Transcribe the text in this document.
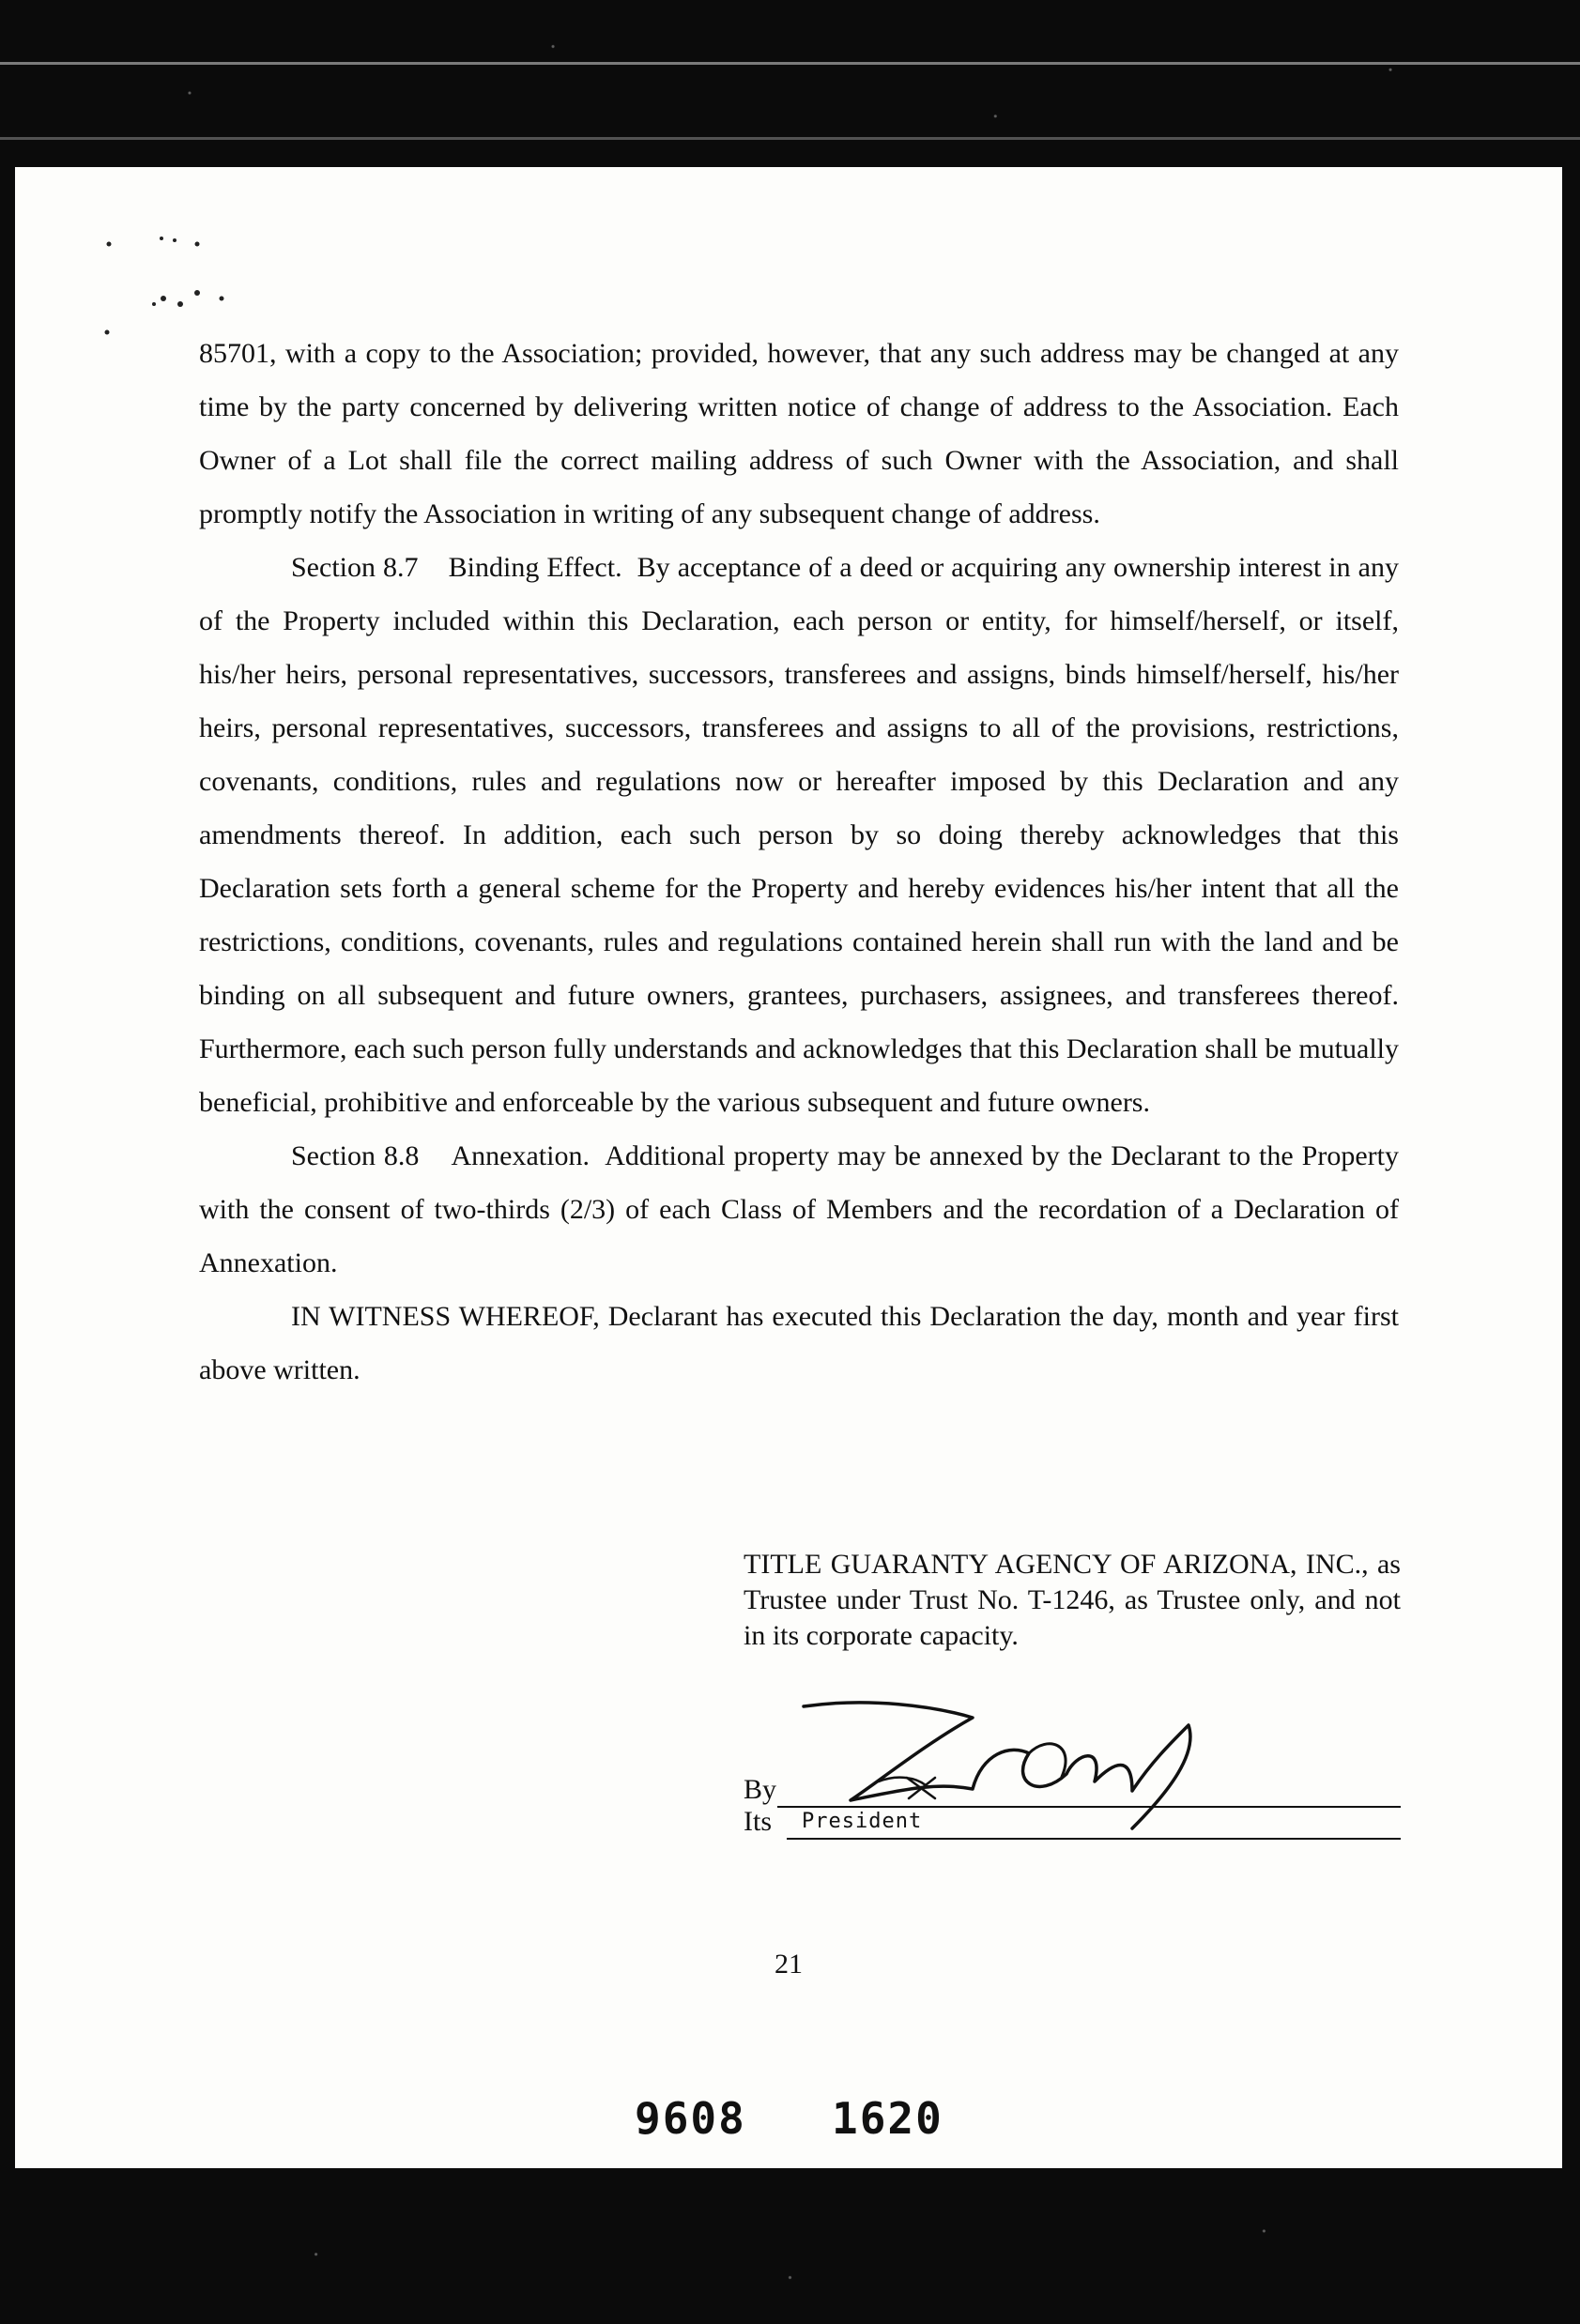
85701, with a copy to the Association; provided, however, that any such address may be changed at any time by the party concerned by delivering written notice of change of address to the Association. Each Owner of a Lot shall file the correct mailing address of such Owner with the Association, and shall promptly notify the Association in writing of any subsequent change of address.

Section 8.7 Binding Effect. By acceptance of a deed or acquiring any ownership interest in any of the Property included within this Declaration, each person or entity, for himself/herself, or itself, his/her heirs, personal representatives, successors, transferees and assigns, binds himself/herself, his/her heirs, personal representatives, successors, transferees and assigns to all of the provisions, restrictions, covenants, conditions, rules and regulations now or hereafter imposed by this Declaration and any amendments thereof. In addition, each such person by so doing thereby acknowledges that this Declaration sets forth a general scheme for the Property and hereby evidences his/her intent that all the restrictions, conditions, covenants, rules and regulations contained herein shall run with the land and be binding on all subsequent and future owners, grantees, purchasers, assignees, and transferees thereof. Furthermore, each such person fully understands and acknowledges that this Declaration shall be mutually beneficial, prohibitive and enforceable by the various subsequent and future owners.

Section 8.8 Annexation. Additional property may be annexed by the Declarant to the Property with the consent of two-thirds (2/3) of each Class of Members and the recordation of a Declaration of Annexation.

IN WITNESS WHEREOF, Declarant has executed this Declaration the day, month and year first above written.

TITLE GUARANTY AGENCY OF ARIZONA, INC., as Trustee under Trust No. T-1246, as Trustee only, and not in its corporate capacity.

By
Its President
21
9608 1620
